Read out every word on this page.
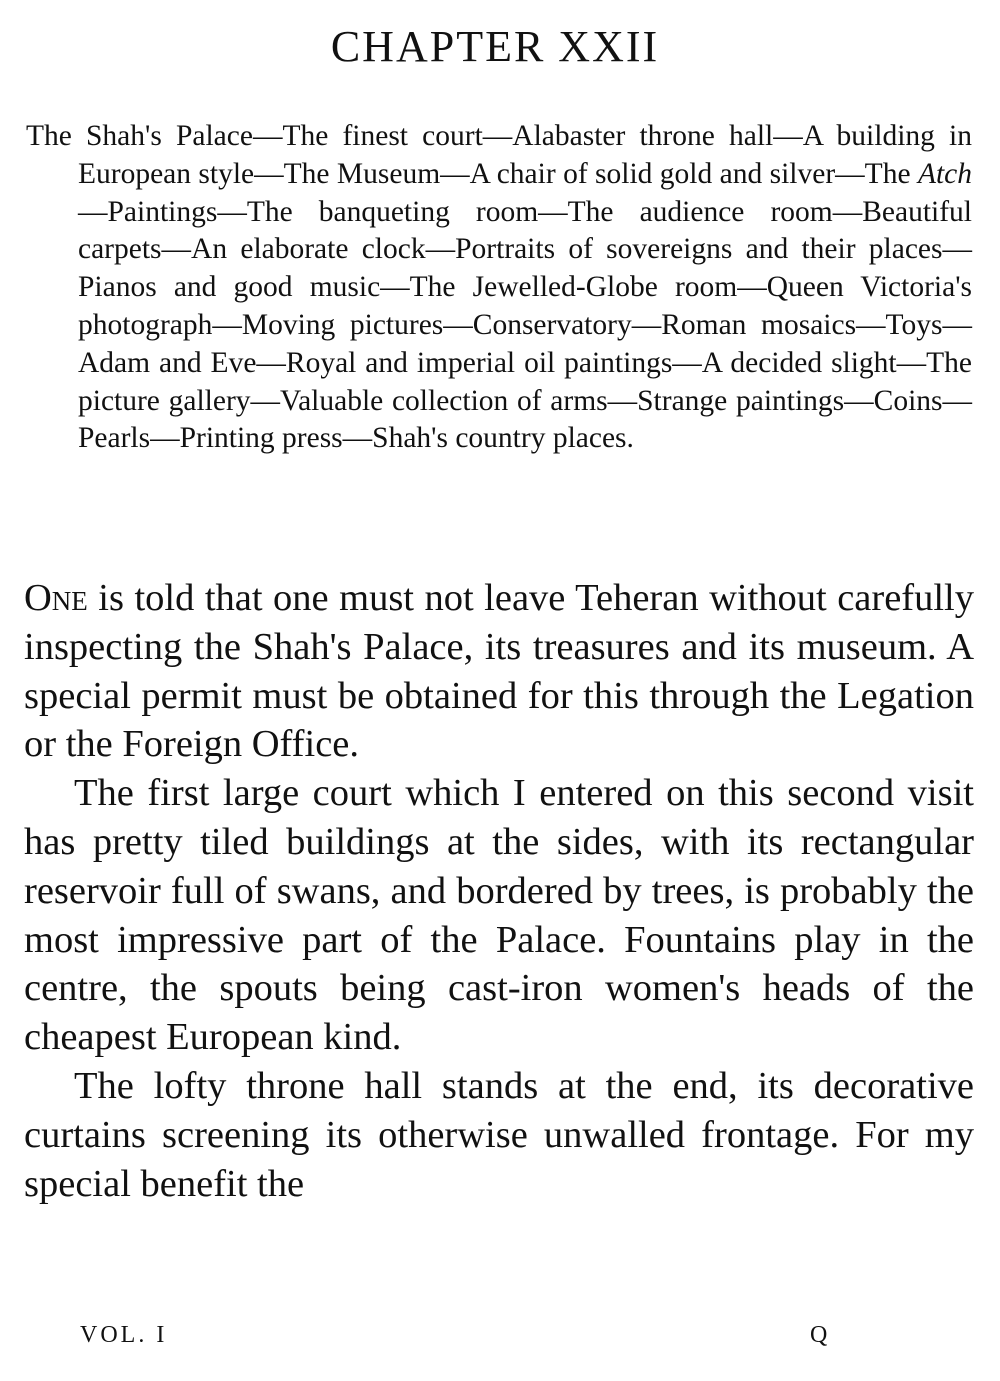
CHAPTER XXII

The Shah's Palace—The finest court—Alabaster throne hall—A building in European style—The Museum—A chair of solid gold and silver—The Atch—Paintings—The banqueting room—The audience room—Beautiful carpets—An elaborate clock—Portraits of sovereigns and their places—Pianos and good music—The Jewelled-Globe room—Queen Victoria's photograph—Moving pictures—Conservatory—Roman mosaics—Toys—Adam and Eve—Royal and imperial oil paintings—A decided slight—The picture gallery—Valuable collection of arms—Strange paintings—Coins—Pearls—Printing press—Shah's country places.

One is told that one must not leave Teheran without carefully inspecting the Shah's Palace, its treasures and its museum. A special permit must be obtained for this through the Legation or the Foreign Office.

The first large court which I entered on this second visit has pretty tiled buildings at the sides, with its rectangular reservoir full of swans, and bordered by trees, is probably the most impressive part of the Palace. Fountains play in the centre, the spouts being cast-iron women's heads of the cheapest European kind.

The lofty throne hall stands at the end, its decorative curtains screening its otherwise unwalled frontage. For my special benefit the

VOL. I	Q
